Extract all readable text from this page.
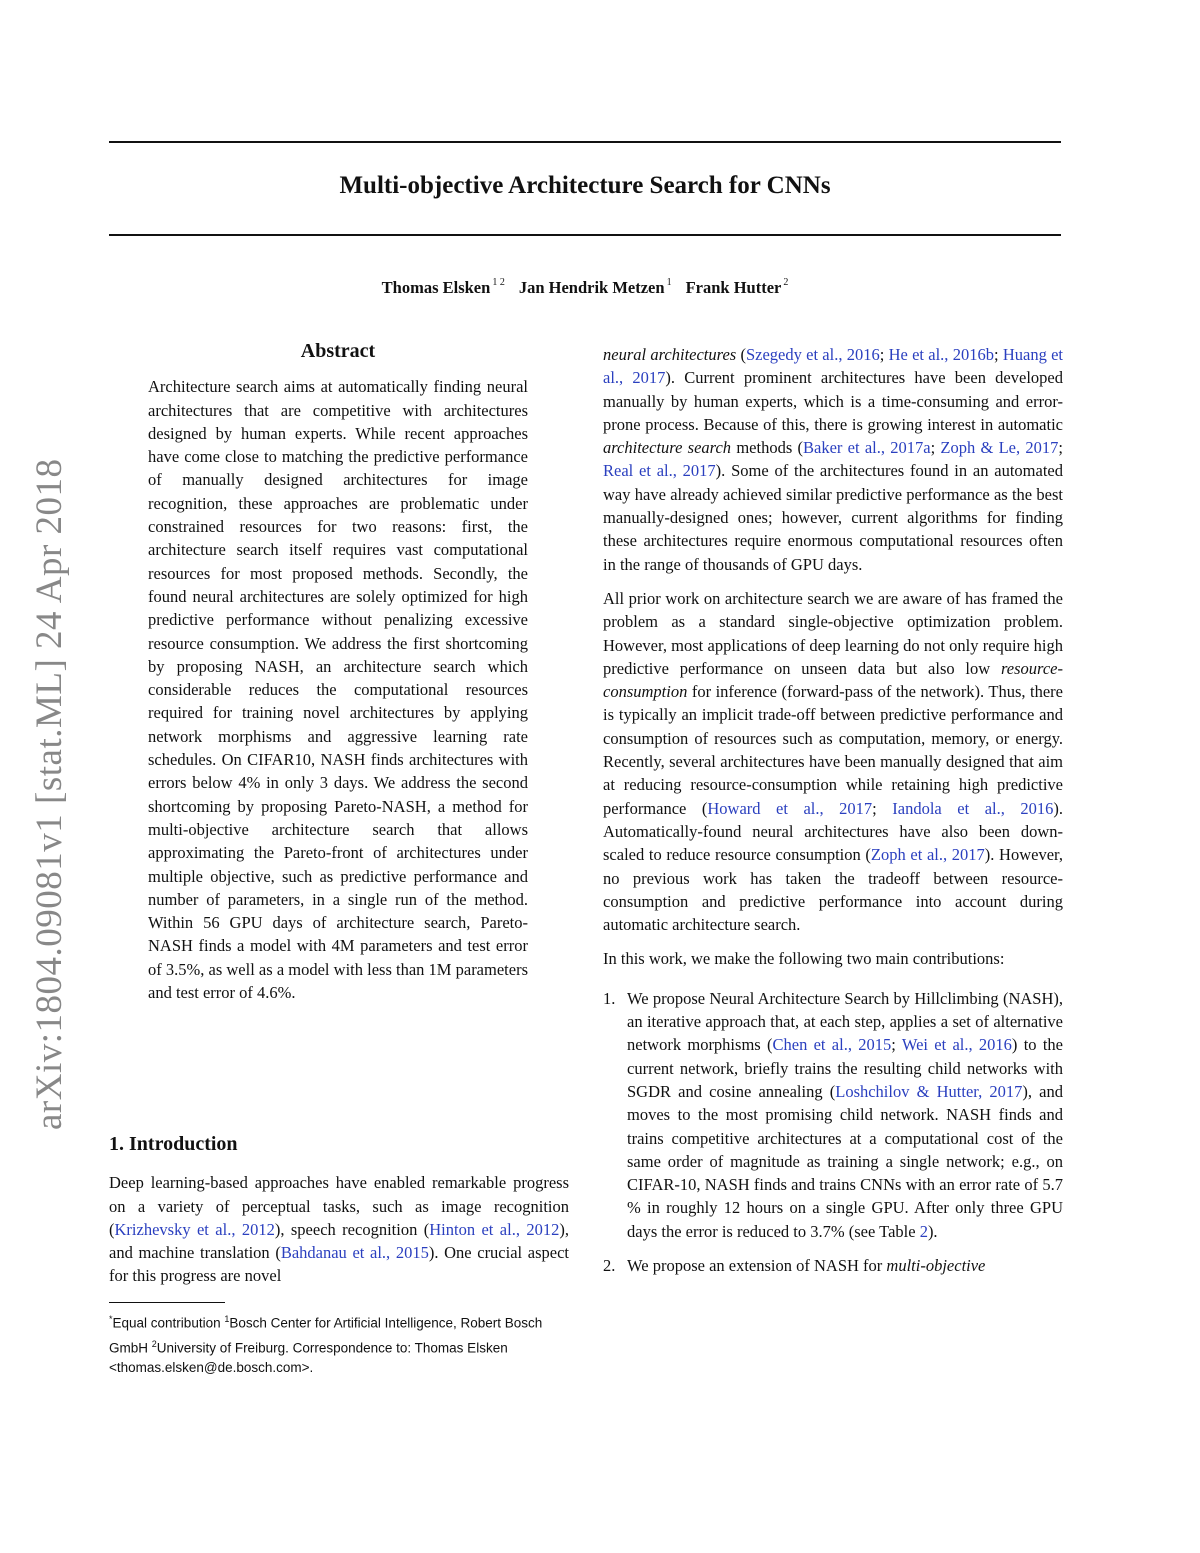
Multi-objective Architecture Search for CNNs
Thomas Elsken $^{1 2}$ Jan Hendrik Metzen $^1$ Frank Hutter $^2$
arXiv:1804.09081v1 [stat.ML] 24 Apr 2018
Abstract

Architecture search aims at automatically finding neural architectures that are competitive with architectures designed by human experts. While recent approaches have come close to matching the predictive performance of manually designed architectures for image recognition, these approaches are problematic under constrained resources for two reasons: first, the architecture search itself requires vast computational resources for most proposed methods. Secondly, the found neural architectures are solely optimized for high predictive performance without penalizing excessive resource consumption. We address the first shortcoming by proposing NASH, an architecture search which considerable reduces the computational resources required for training novel architectures by applying network morphisms and aggressive learning rate schedules. On CIFAR10, NASH finds architectures with errors below 4% in only 3 days. We address the second shortcoming by proposing Pareto-NASH, a method for multi-objective architecture search that allows approximating the Pareto-front of architectures under multiple objective, such as predictive performance and number of parameters, in a single run of the method. Within 56 GPU days of architecture search, Pareto-NASH finds a model with 4M parameters and test error of 3.5%, as well as a model with less than 1M parameters and test error of 4.6%.

1. Introduction

Deep learning-based approaches have enabled remarkable progress on a variety of perceptual tasks, such as image recognition (Krizhevsky et al., 2012), speech recognition (Hinton et al., 2012), and machine translation (Bahdanau et al., 2015). One crucial aspect for this progress are novel

*Equal contribution $^1$Bosch Center for Artificial Intelligence, Robert Bosch GmbH $^2$University of Freiburg. Correspondence to: Thomas Elsken <thomas.elsken@de.bosch.com>.

neural architectures (Szegedy et al., 2016; He et al., 2016b; Huang et al., 2017). Current prominent architectures have been developed manually by human experts, which is a time-consuming and error-prone process. Because of this, there is growing interest in automatic architecture search methods (Baker et al., 2017a; Zoph & Le, 2017; Real et al., 2017). Some of the architectures found in an automated way have already achieved similar predictive performance as the best manually-designed ones; however, current algorithms for finding these architectures require enormous computational resources often in the range of thousands of GPU days.

All prior work on architecture search we are aware of has framed the problem as a standard single-objective optimization problem. However, most applications of deep learning do not only require high predictive performance on unseen data but also low resource-consumption for inference (forward-pass of the network). Thus, there is typically an implicit trade-off between predictive performance and consumption of resources such as computation, memory, or energy. Recently, several architectures have been manually designed that aim at reducing resource-consumption while retaining high predictive performance (Howard et al., 2017; Iandola et al., 2016). Automatically-found neural architectures have also been down-scaled to reduce resource consumption (Zoph et al., 2017). However, no previous work has taken the tradeoff between resource-consumption and predictive performance into account during automatic architecture search.

In this work, we make the following two main contributions:

1. We propose Neural Architecture Search by Hillclimbing (NASH), an iterative approach that, at each step, applies a set of alternative network morphisms (Chen et al., 2015; Wei et al., 2016) to the current network, briefly trains the resulting child networks with SGDR and cosine annealing (Loshchilov & Hutter, 2017), and moves to the most promising child network. NASH finds and trains competitive architectures at a computational cost of the same order of magnitude as training a single network; e.g., on CIFAR-10, NASH finds and trains CNNs with an error rate of 5.7 % in roughly 12 hours on a single GPU. After only three GPU days the error is reduced to 3.7% (see Table 2).
2. We propose an extension of NASH for multi-objective
